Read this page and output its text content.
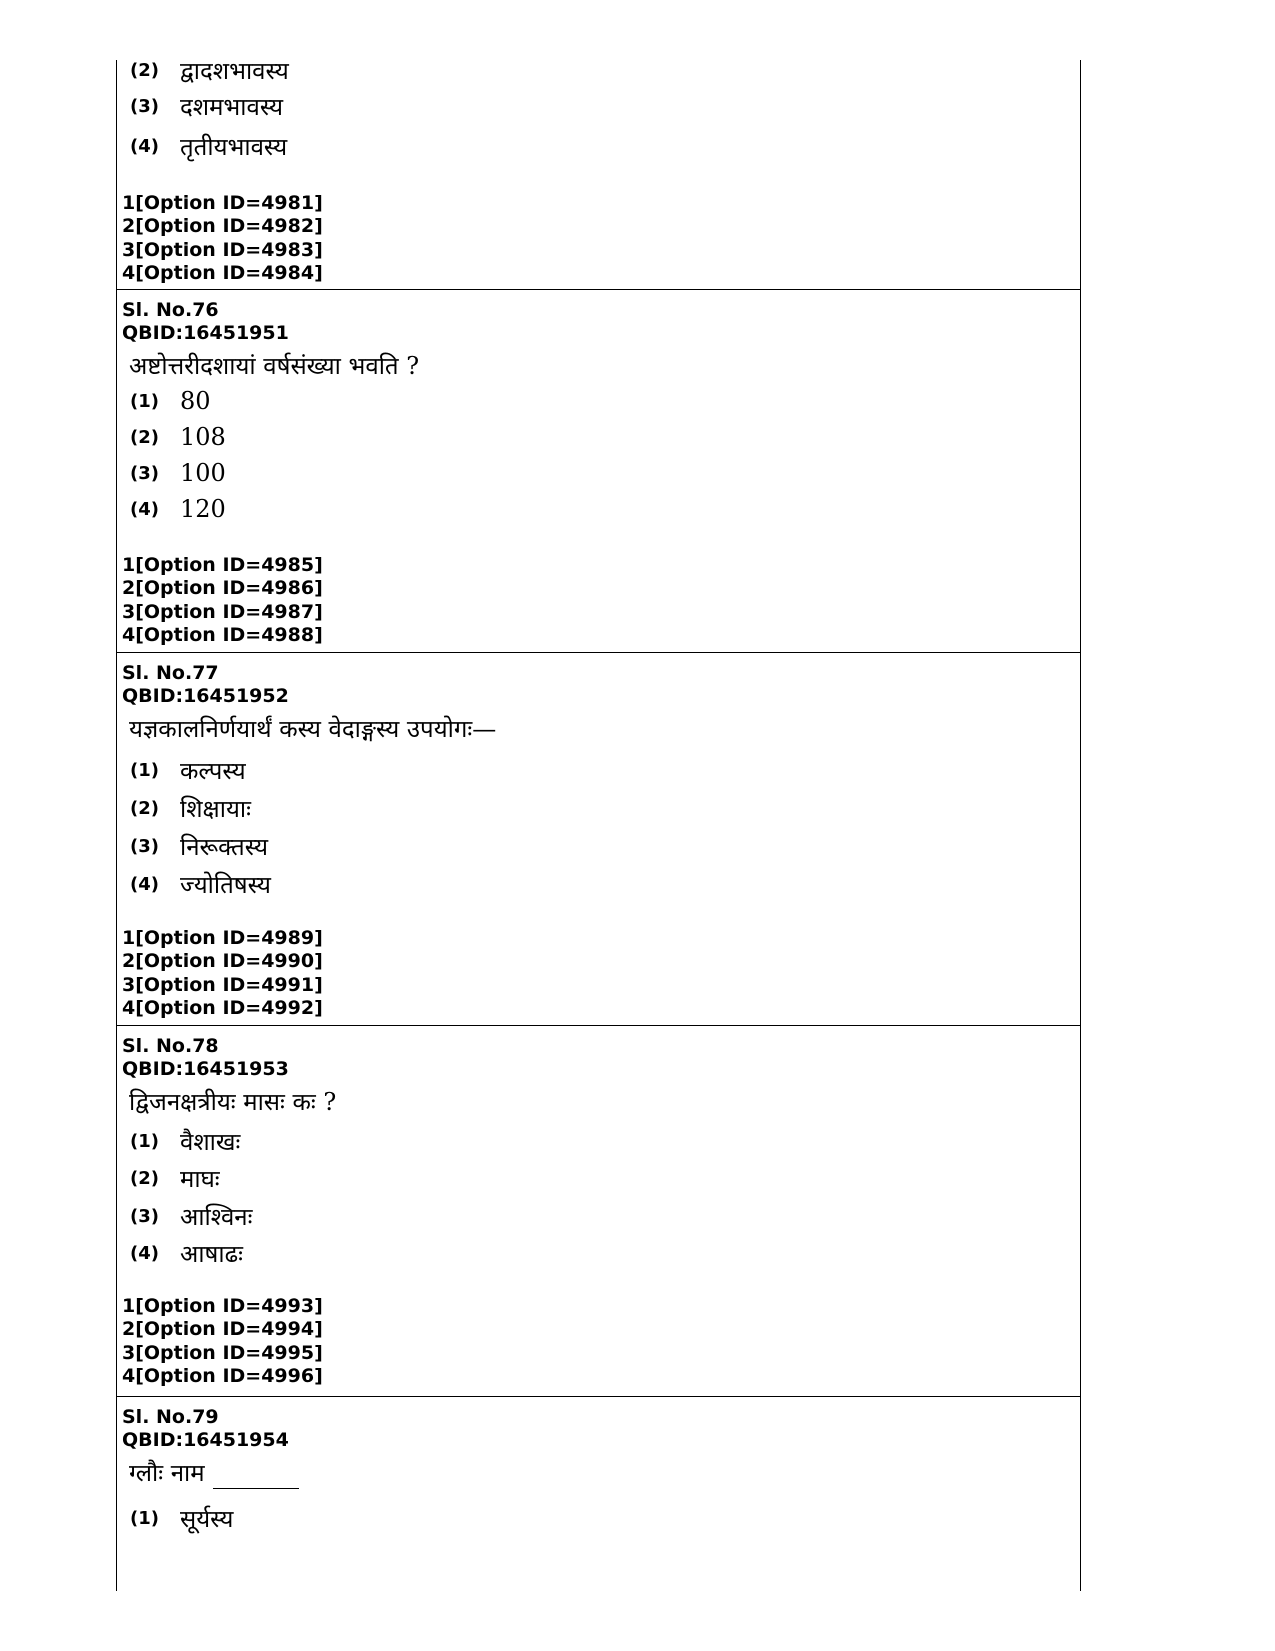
(2) द्वादशभावस्य
(3) दशमभावस्य
(4) तृतीयभावस्य
1[Option ID=4981]
2[Option ID=4982]
3[Option ID=4983]
4[Option ID=4984]
Sl. No.76
QBID:16451951
अष्टोत्तरीदशायां वर्षसंख्या भवति ?
(1) 80
(2) 108
(3) 100
(4) 120
1[Option ID=4985]
2[Option ID=4986]
3[Option ID=4987]
4[Option ID=4988]
Sl. No.77
QBID:16451952
यज्ञकालनिर्णयार्थं कस्य वेदाङ्गस्य उपयोगः—
(1) कल्पस्य
(2) शिक्षायाः
(3) निरूक्तस्य
(4) ज्योतिषस्य
1[Option ID=4989]
2[Option ID=4990]
3[Option ID=4991]
4[Option ID=4992]
Sl. No.78
QBID:16451953
द्विजनक्षत्रीयः मासः कः ?
(1) वैशाखः
(2) माघः
(3) आश्विनः
(4) आषाढः
1[Option ID=4993]
2[Option ID=4994]
3[Option ID=4995]
4[Option ID=4996]
Sl. No.79
QBID:16451954
ग्लौः नाम
(1) सूर्यस्य
